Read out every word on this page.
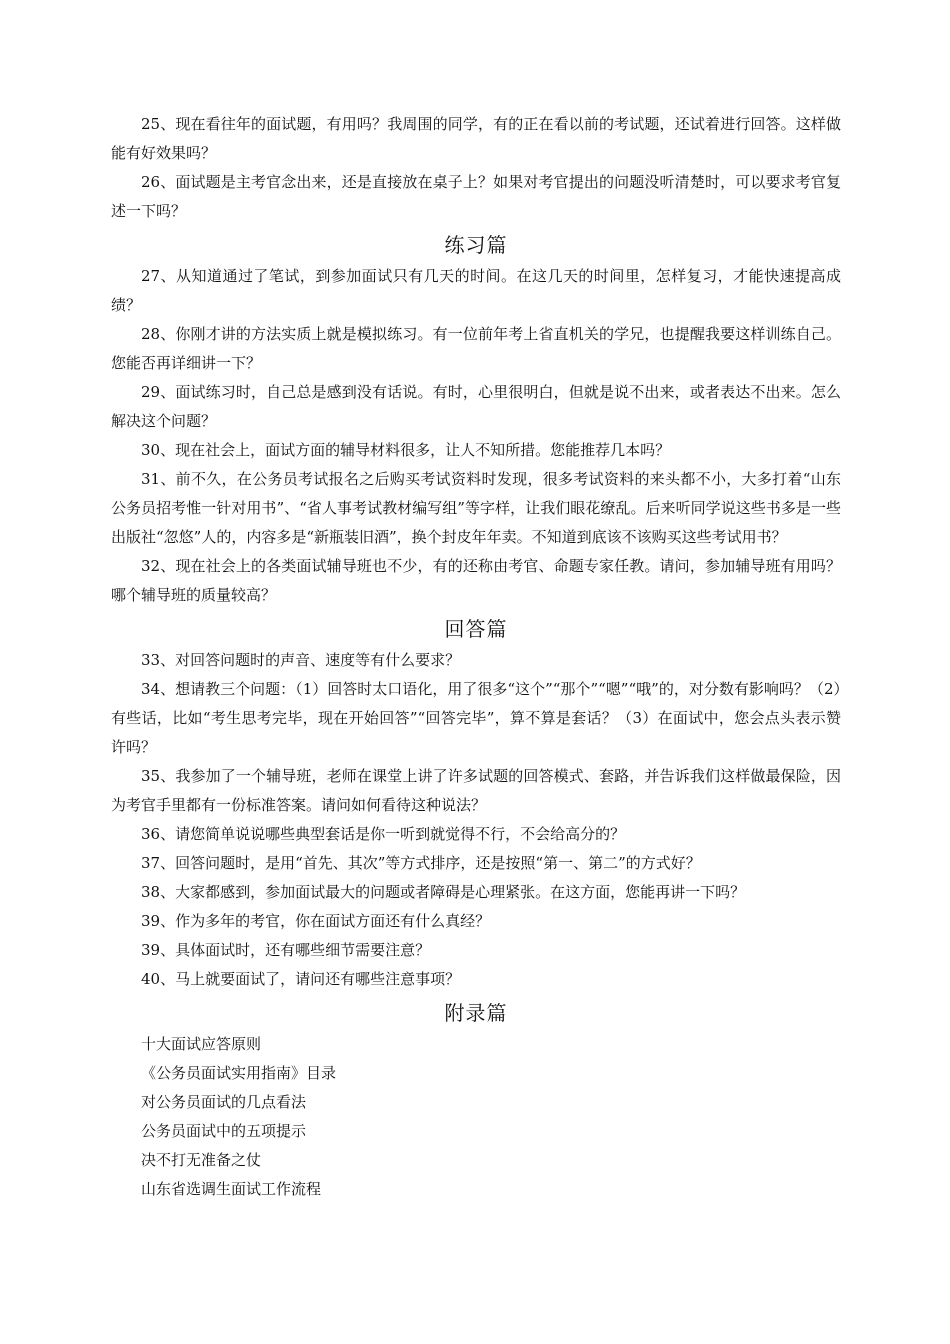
25、现在看往年的面试题，有用吗？我周围的同学，有的正在看以前的考试题，还试着进行回答。这样做能有好效果吗？

26、面试题是主考官念出来，还是直接放在桌子上？如果对考官提出的问题没听清楚时，可以要求考官复述一下吗？

练习篇

27、从知道通过了笔试，到参加面试只有几天的时间。在这几天的时间里，怎样复习，才能快速提高成绩？

28、你刚才讲的方法实质上就是模拟练习。有一位前年考上省直机关的学兄，也提醒我要这样训练自己。您能否再详细讲一下？

29、面试练习时，自己总是感到没有话说。有时，心里很明白，但就是说不出来，或者表达不出来。怎么解决这个问题？

30、现在社会上，面试方面的辅导材料很多，让人不知所措。您能推荐几本吗？

31、前不久，在公务员考试报名之后购买考试资料时发现，很多考试资料的来头都不小，大多打着“山东公务员招考惟一针对用书”、“省人事考试教材编写组”等字样，让我们眼花缭乱。后来听同学说这些书多是一些出版社“忽悠”人的，内容多是“新瓶装旧酒”，换个封皮年年卖。不知道到底该不该购买这些考试用书？

32、现在社会上的各类面试辅导班也不少，有的还称由考官、命题专家任教。请问，参加辅导班有用吗？哪个辅导班的质量较高？

回答篇

33、对回答问题时的声音、速度等有什么要求？

34、想请教三个问题：（1）回答时太口语化，用了很多“这个”“那个”“嗯”“哦”的，对分数有影响吗？（2）有些话，比如“考生思考完毕，现在开始回答”“回答完毕”，算不算是套话？（3）在面试中，您会点头表示赞许吗？

35、我参加了一个辅导班，老师在课堂上讲了许多试题的回答模式、套路，并告诉我们这样做最保险，因为考官手里都有一份标准答案。请问如何看待这种说法？

36、请您简单说说哪些典型套话是你一听到就觉得不行，不会给高分的？

37、回答问题时，是用“首先、其次”等方式排序，还是按照“第一、第二”的方式好？

38、大家都感到，参加面试最大的问题或者障碍是心理紧张。在这方面，您能再讲一下吗？

39、作为多年的考官，你在面试方面还有什么真经？

39、具体面试时，还有哪些细节需要注意？

40、马上就要面试了，请问还有哪些注意事项？

附录篇

十大面试应答原则

《公务员面试实用指南》目录

对公务员面试的几点看法

公务员面试中的五项提示

决不打无准备之仗

山东省选调生面试工作流程
